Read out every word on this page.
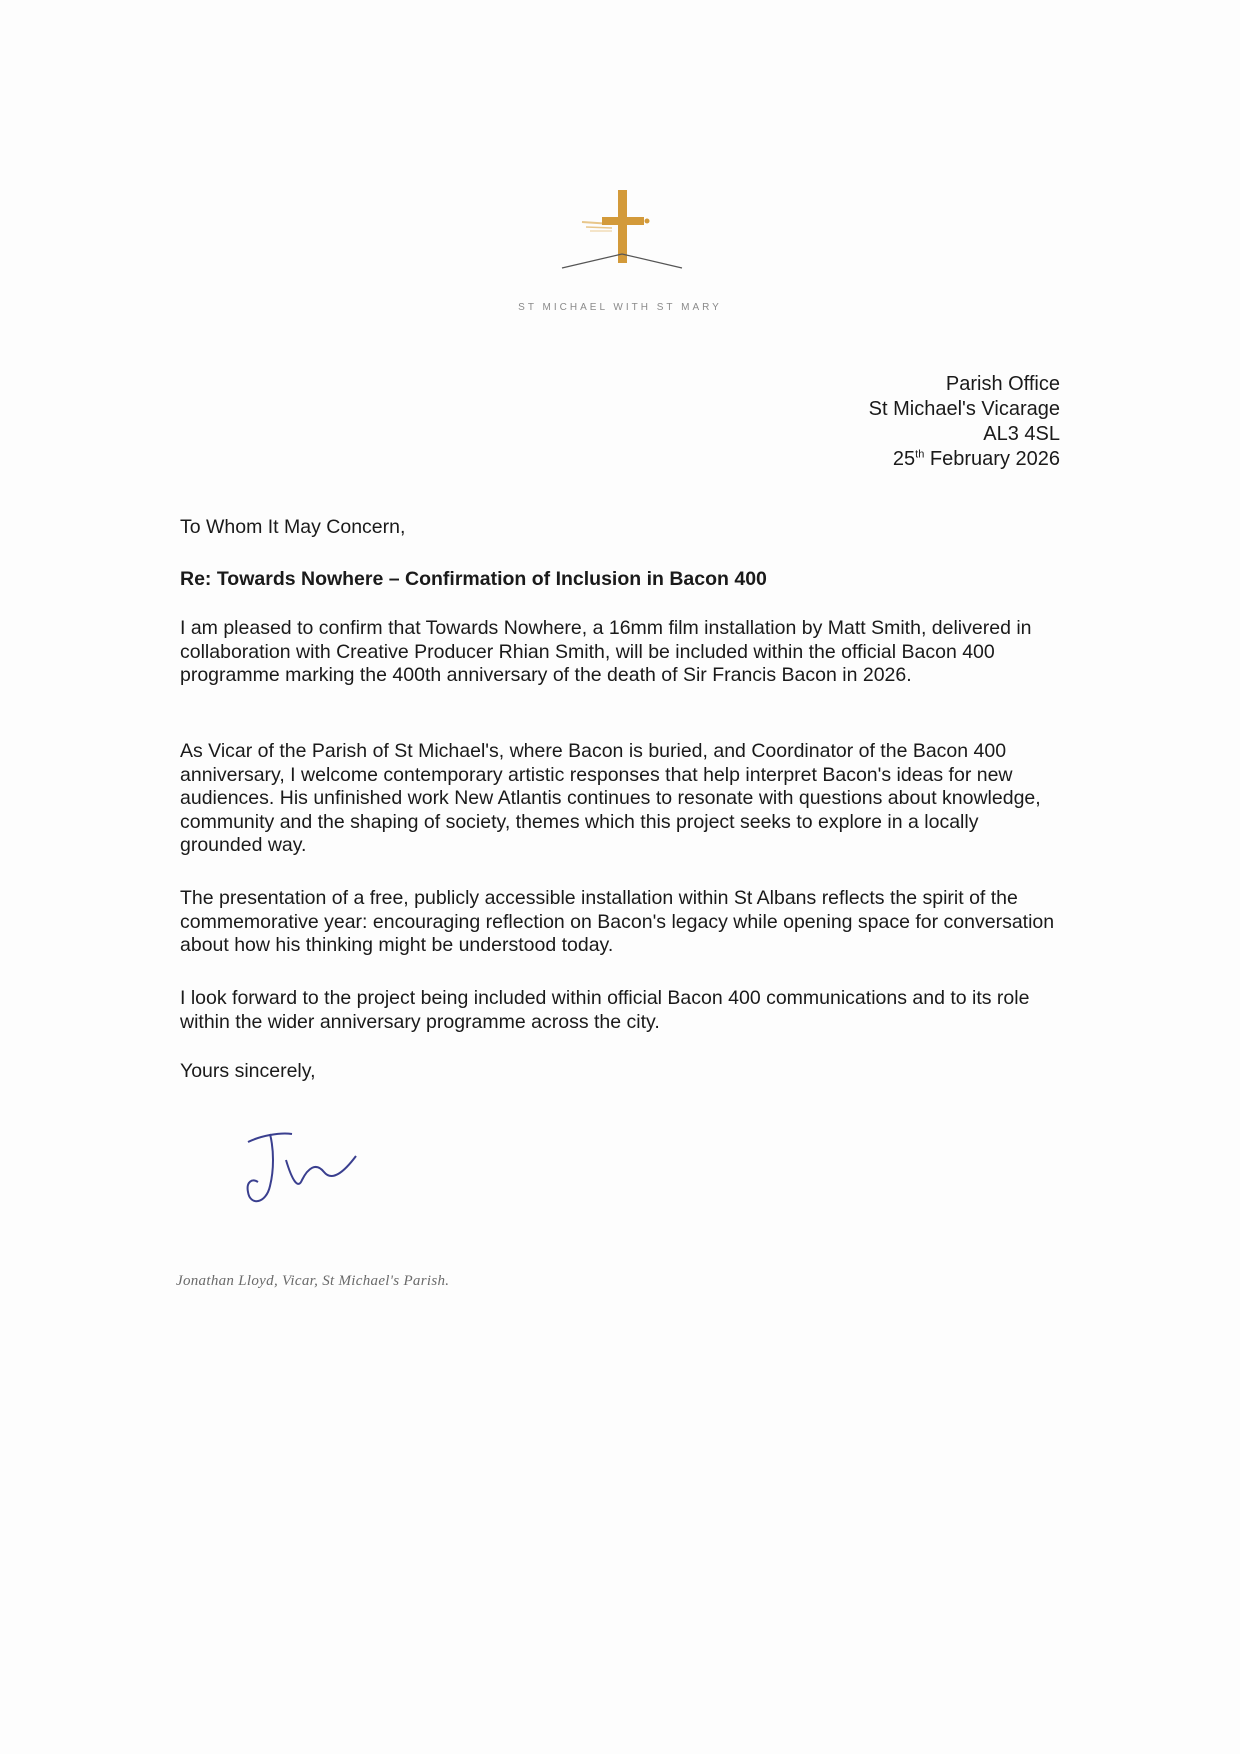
ST MICHAEL WITH ST MARY
Parish Office
St Michael's Vicarage
AL3 4SL
25th February 2026
To Whom It May Concern,
Re: Towards Nowhere – Confirmation of Inclusion in Bacon 400

I am pleased to confirm that Towards Nowhere, a 16mm film installation by Matt Smith, delivered in collaboration with Creative Producer Rhian Smith, will be included within the official Bacon 400 programme marking the 400th anniversary of the death of Sir Francis Bacon in 2026.

As Vicar of the Parish of St Michael's, where Bacon is buried, and Coordinator of the Bacon 400 anniversary, I welcome contemporary artistic responses that help interpret Bacon's ideas for new audiences. His unfinished work New Atlantis continues to resonate with questions about knowledge, community and the shaping of society, themes which this project seeks to explore in a locally grounded way.

The presentation of a free, publicly accessible installation within St Albans reflects the spirit of the commemorative year: encouraging reflection on Bacon's legacy while opening space for conversation about how his thinking might be understood today.

I look forward to the project being included within official Bacon 400 communications and to its role within the wider anniversary programme across the city.

Yours sincerely,
Jonathan Lloyd, Vicar, St Michael's Parish.
